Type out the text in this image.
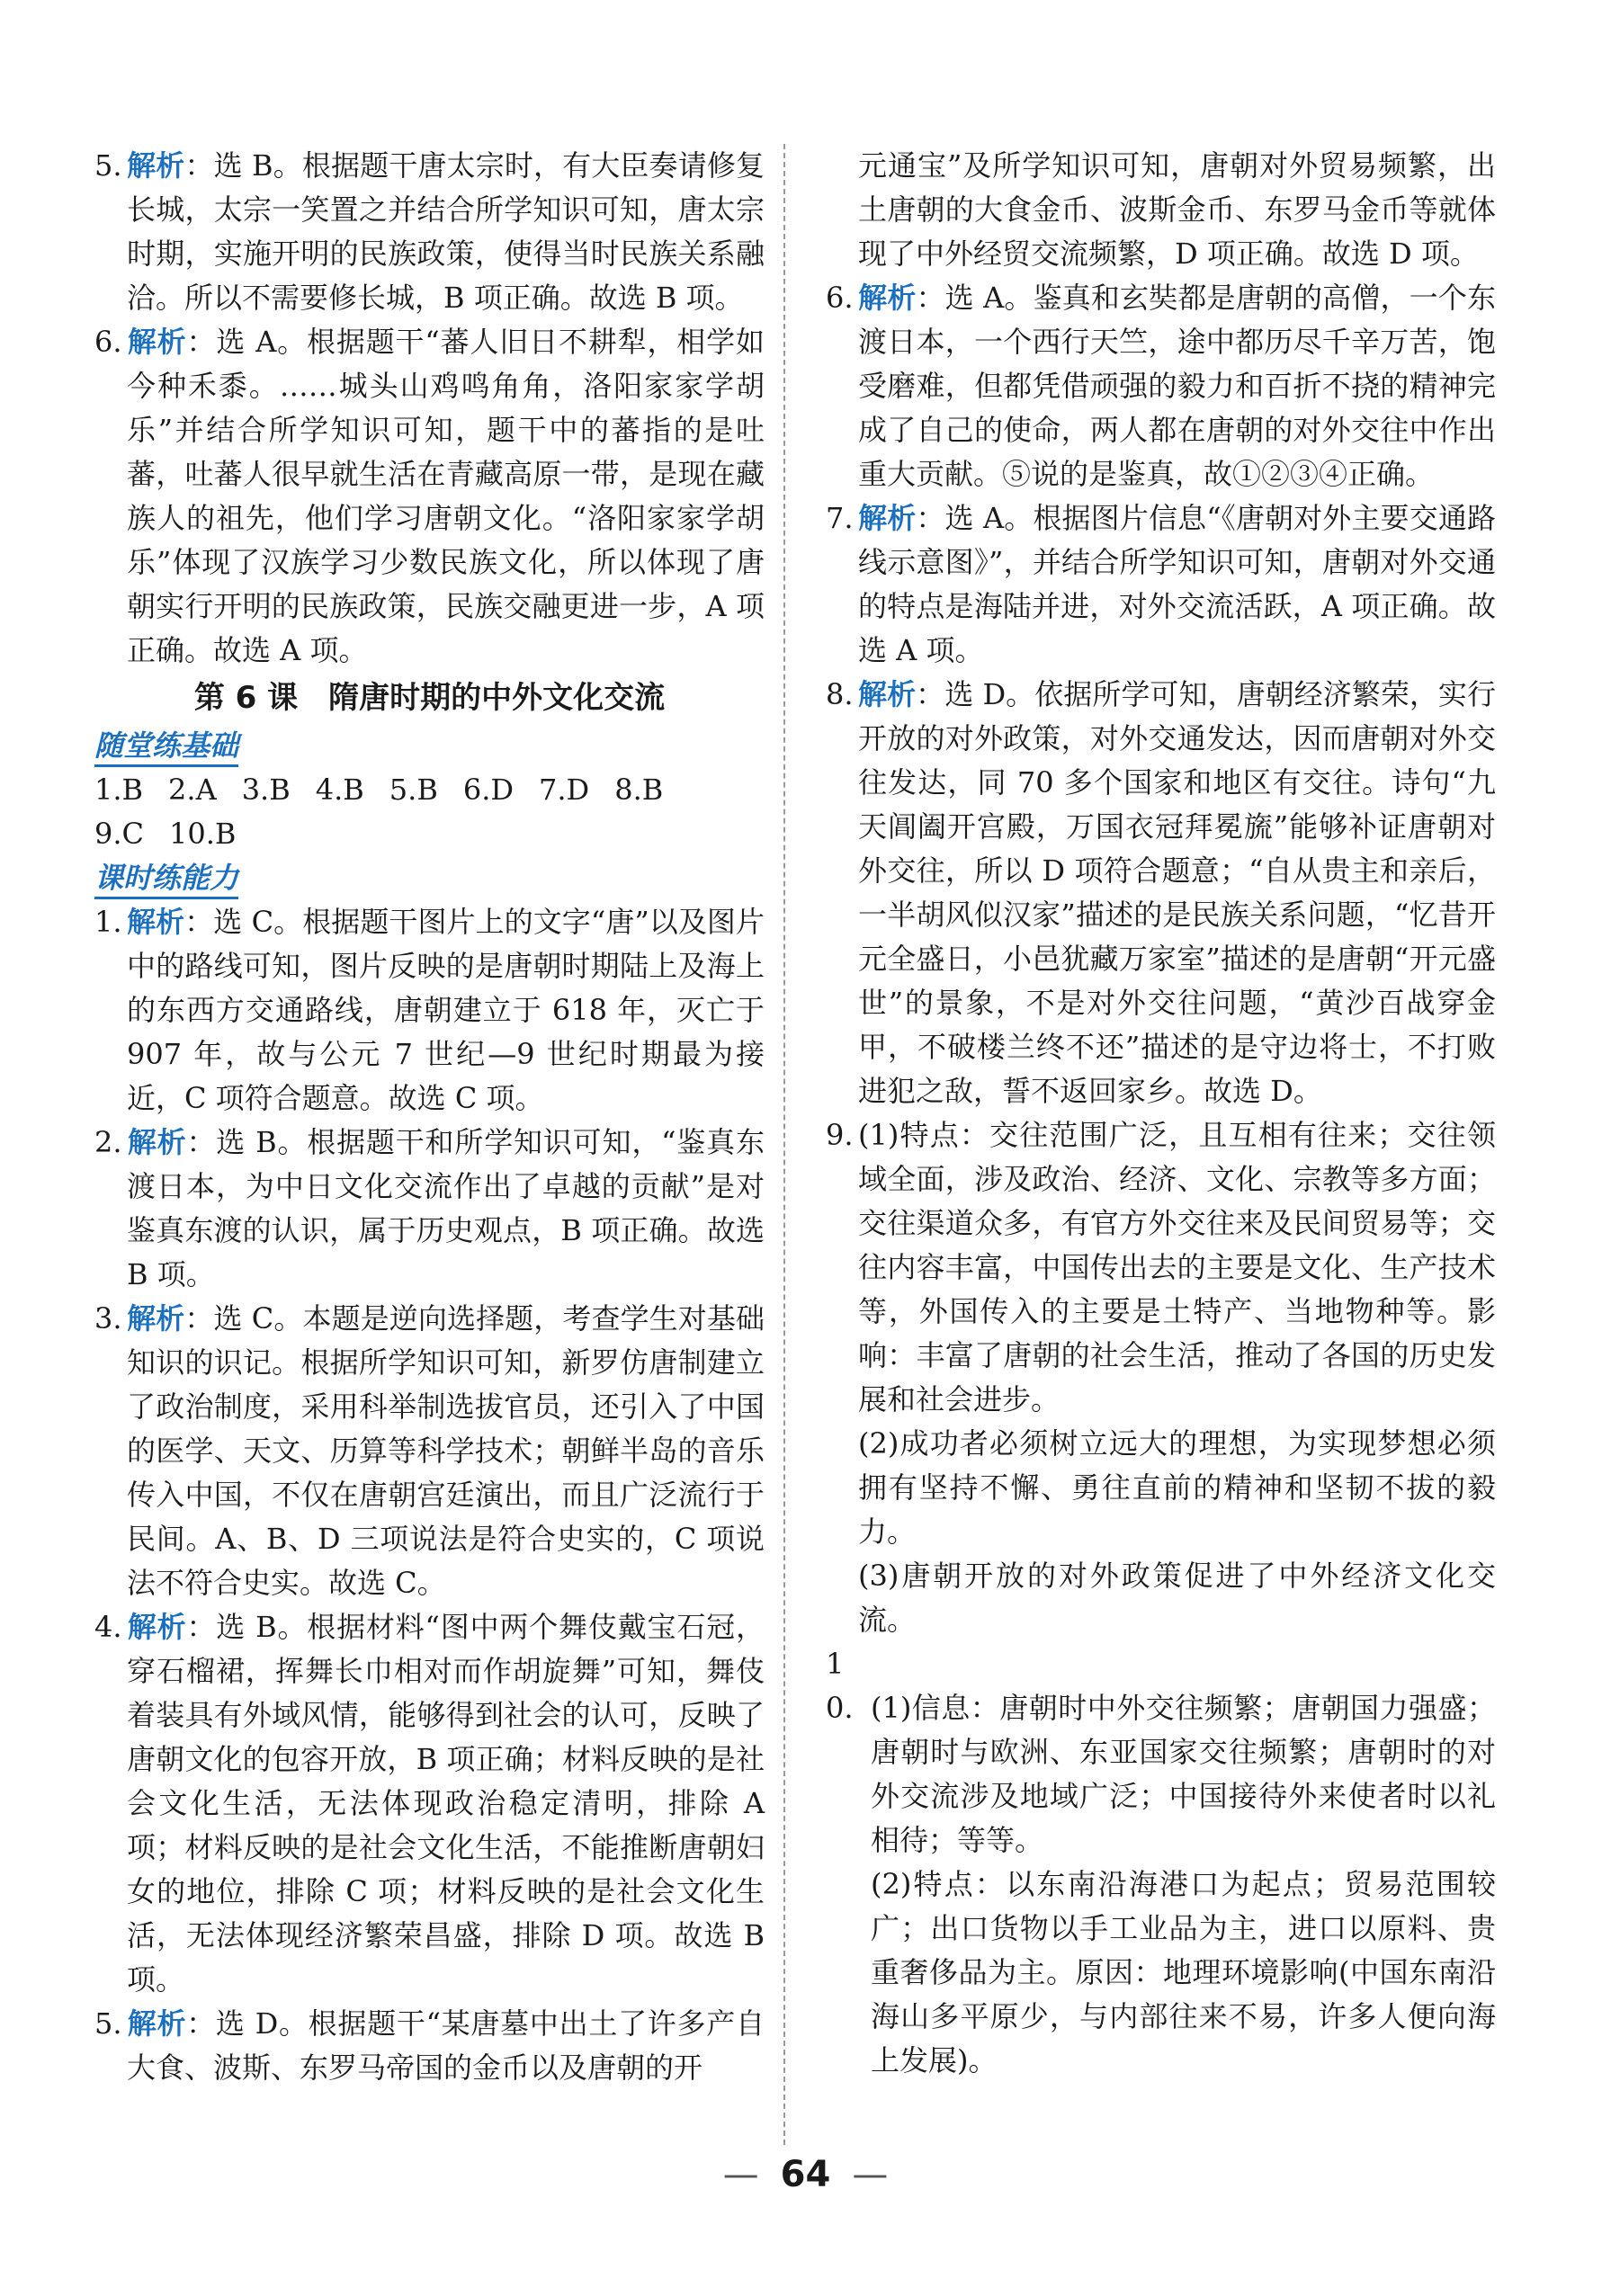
5. 解析：选 B。根据题干唐太宗时，有大臣奏请修复长城，太宗一笑置之并结合所学知识可知，唐太宗时期，实施开明的民族政策，使得当时民族关系融洽。所以不需要修长城，B 项正确。故选 B 项。
6. 解析：选 A。根据题干“蕃人旧日不耕犁，相学如今种禾黍。……城头山鸡鸣角角，洛阳家家学胡乐”并结合所学知识可知，题干中的蕃指的是吐蕃，吐蕃人很早就生活在青藏高原一带，是现在藏族人的祖先，他们学习唐朝文化。“洛阳家家学胡乐”体现了汉族学习少数民族文化，所以体现了唐朝实行开明的民族政策，民族交融更进一步，A 项正确。故选 A 项。
第 6 课　隋唐时期的中外文化交流
随堂练基础
1.B 2.A 3.B 4.B 5.B 6.D 7.D 8.B
9.C 10.B
课时练能力
1. 解析：选 C。根据题干图片上的文字“唐”以及图片中的路线可知，图片反映的是唐朝时期陆上及海上的东西方交通路线，唐朝建立于 618 年，灭亡于 907 年，故与公元 7 世纪—9 世纪时期最为接近，C 项符合题意。故选 C 项。
2. 解析：选 B。根据题干和所学知识可知，“鉴真东渡日本，为中日文化交流作出了卓越的贡献”是对鉴真东渡的认识，属于历史观点，B 项正确。故选 B 项。
3. 解析：选 C。本题是逆向选择题，考查学生对基础知识的识记。根据所学知识可知，新罗仿唐制建立了政治制度，采用科举制选拔官员，还引入了中国的医学、天文、历算等科学技术；朝鲜半岛的音乐传入中国，不仅在唐朝宫廷演出，而且广泛流行于民间。A、B、D 三项说法是符合史实的，C 项说法不符合史实。故选 C。
4. 解析：选 B。根据材料“图中两个舞伎戴宝石冠，穿石榴裙，挥舞长巾相对而作胡旋舞”可知，舞伎着装具有外域风情，能够得到社会的认可，反映了唐朝文化的包容开放，B 项正确；材料反映的是社会文化生活，无法体现政治稳定清明，排除 A 项；材料反映的是社会文化生活，不能推断唐朝妇女的地位，排除 C 项；材料反映的是社会文化生活，无法体现经济繁荣昌盛，排除 D 项。故选 B 项。
5. 解析：选 D。根据题干“某唐墓中出土了许多产自大食、波斯、东罗马帝国的金币以及唐朝的开
元通宝”及所学知识可知，唐朝对外贸易频繁，出土唐朝的大食金币、波斯金币、东罗马金币等就体现了中外经贸交流频繁，D 项正确。故选 D 项。
6. 解析：选 A。鉴真和玄奘都是唐朝的高僧，一个东渡日本，一个西行天竺，途中都历尽千辛万苦，饱受磨难，但都凭借顽强的毅力和百折不挠的精神完成了自己的使命，两人都在唐朝的对外交往中作出重大贡献。⑤说的是鉴真，故①②③④正确。
7. 解析：选 A。根据图片信息“《唐朝对外主要交通路线示意图》”，并结合所学知识可知，唐朝对外交通的特点是海陆并进，对外交流活跃，A 项正确。故选 A 项。
8. 解析：选 D。依据所学可知，唐朝经济繁荣，实行开放的对外政策，对外交通发达，因而唐朝对外交往发达，同 70 多个国家和地区有交往。诗句“九天阊阖开宫殿，万国衣冠拜冕旒”能够补证唐朝对外交往，所以 D 项符合题意；“自从贵主和亲后，一半胡风似汉家”描述的是民族关系问题，“忆昔开元全盛日，小邑犹藏万家室”描述的是唐朝“开元盛世”的景象，不是对外交往问题，“黄沙百战穿金甲，不破楼兰终不还”描述的是守边将士，不打败进犯之敌，誓不返回家乡。故选 D。
9. (1)特点：交往范围广泛，且互相有往来；交往领域全面，涉及政治、经济、文化、宗教等多方面；交往渠道众多，有官方外交往来及民间贸易等；交往内容丰富，中国传出去的主要是文化、生产技术等，外国传入的主要是土特产、当地物种等。影响：丰富了唐朝的社会生活，推动了各国的历史发展和社会进步。
(2)成功者必须树立远大的理想，为实现梦想必须拥有坚持不懈、勇往直前的精神和坚韧不拔的毅力。
(3)唐朝开放的对外政策促进了中外经济文化交流。
10. (1)信息：唐朝时中外交往频繁；唐朝国力强盛；唐朝时与欧洲、东亚国家交往频繁；唐朝时的对外交流涉及地域广泛；中国接待外来使者时以礼相待；等等。
(2)特点：以东南沿海港口为起点；贸易范围较广；出口货物以手工业品为主，进口以原料、贵重奢侈品为主。原因：地理环境影响(中国东南沿海山多平原少，与内部往来不易，许多人便向海上发展)。
— 64 —
